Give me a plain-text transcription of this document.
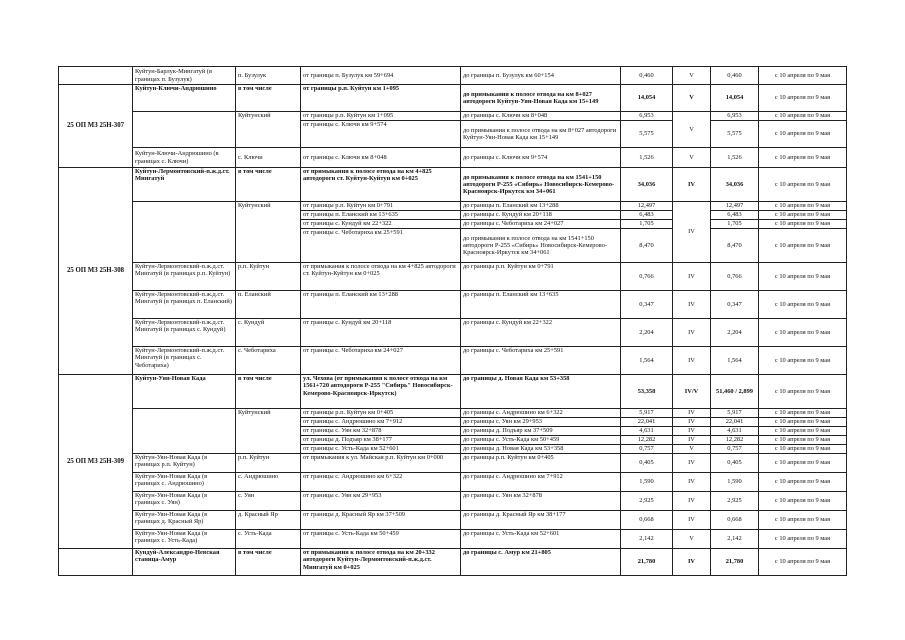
	Куйтун-Барлук-Мингатуй (в границах п. Бузулук)	п. Бузулук	от границы п. Бузулук км 59+694	до границы п. Бузулук км 60+154	0,460	V	0,460	с 10 апреля по 9 мая
25 ОП МЗ 25Н-307	Куйтун-Ключи-Андрюшино	в том числе	от границы р.п. Куйтун км 1+095	до примыкания к полосе отвода на км 8+027 автодороги Куйтун-Уян-Новая Када км 15+149	14,054	V	14,054	с 10 апреля по 9 мая
		Куйтунский	от границы р.п. Куйтун км 1+095	до границы с. Ключи км 8+048	6,953	V	6,953	с 10 апреля по 9 мая
			от границы с. Ключи км 9+574	до примыкания к полосе отвода на км 8+027 автодороги Куйтун-Уян-Новая Када км 15+149	5,575		5,575	с 10 апреля по 9 мая
	Куйтун-Ключи-Андрюшино (в границах с. Ключи)	с. Ключи	от границы с. Ключи км 8+048	до границы с. Ключи км 9+574	1,526	V	1,526	с 10 апреля по 9 мая
25 ОП МЗ 25Н-308	Куйтун-Лермонтовский-п.ж.д.ст. Мингатуй	в том числе	от примыкания к полосе отвода на км 4+825 автодороги ст. Куйтун-Куйтун км 0+025	до примыкания к полосе отвода на км 1541+150 автодороги Р-255 «Сибирь» Новосибирск-Кемерово-Красноярск-Иркутск км 34+061	34,036	IV	34,036	с 10 апреля по 9 мая
		Куйтунский	от границы р.п. Куйтун км 0+791	до границы п. Еланский км 13+288	12,497	IV	12,497	с 10 апреля по 9 мая
			от границы п. Еланский км 13+635	до границы с. Кундуй км 20+118	6,483		6,483	с 10 апреля по 9 мая
			от границы с. Кундуй км 22+322	до границы с. Чеботариха км 24+027	1,705		1,705	с 10 апреля по 9 мая
			от границы с. Чеботариха км 25+591	до примыкания к полосе отвода на км 1541+150 автодороги Р-255 «Сибирь» Новосибирск-Кемерово-Красноярск-Иркутск км 34+061	8,470		8,470	с 10 апреля по 9 мая
	Куйтун-Лермонтовский-п.ж.д.ст. Мингатуй (в границах р.п. Куйтун)	р.п. Куйтун	от примыкания к полосе отвода на км 4+825 автодороги ст. Куйтун-Куйтун км 0+025	до границы р.п. Куйтун км 0+791	0,766	IV	0,766	с 10 апреля по 9 мая
	Куйтун-Лермонтовский-п.ж.д.ст. Мингатуй (в границах п. Еланский)	п. Еланский	от границы п. Еланский км 13+288	до границы п. Еланский км 13+635	0,347	IV	0,347	с 10 апреля по 9 мая
	Куйтун-Лермонтовский-п.ж.д.ст. Мингатуй (в границах с. Кундуй)	с. Кундуй	от границы с. Кундуй км 20+118	до границы с. Кундуй км 22+322	2,204	IV	2,204	с 10 апреля по 9 мая
	Куйтун-Лермонтовский-п.ж.д.ст. Мингатуй (в границах с. Чеботариха)	с. Чеботариха	от границы с. Чеботариха км 24+027	до границы с. Чеботариха км 25+591	1,564	IV	1,564	с 10 апреля по 9 мая
25 ОП МЗ 25Н-309	Куйтун-Уян-Новая Када	в том числе	ул. Чехова (от примыкания к полосе отвода на км 1561+720 автодороги Р-255 "Сибирь" Новосибирск-Кемерово-Красноярск-Иркутск)	до границы д. Новая Када км 53+358	53,358	IV/V	51,460 / 2,899	с 10 апреля по 9 мая
		Куйтунский	от границы р.п. Куйтун км 0+405	до границы с. Андрюшино км 6+322	5,917	IV	5,917	с 10 апреля по 9 мая
			от границы с. Андрюшино км 7+912	до границы с. Уян км 29+953	22,041	IV	22,041	с 10 апреля по 9 мая
			от границы с. Уян км 32+878	до границы д. Подъяр км 37+509	4,631	IV	4,631	с 10 апреля по 9 мая
			от границы д. Подъяр км 38+177	до границы с. Усть-Када км 50+459	12,282	IV	12,282	с 10 апреля по 9 мая
			от границы с. Усть-Када км 52+601	до границы д. Новая Када км 53+358	0,757	V	0,757	с 10 апреля по 9 мая
	Куйтун-Уян-Новая Када (в границах р.п. Куйтун)	р.п. Куйтун	от примыкания к ул. Майская р.п. Куйтун км 0+000	до границы р.п. Куйтун км 0+405	0,405	IV	0,405	с 10 апреля по 9 мая
	Куйтун-Уян-Новая Када (в границах с. Андрюшино)	с. Андрюшино	от границы с. Андрюшино км 6+322	до границы с. Андрюшино км 7+912	1,590	IV	1,590	с 10 апреля по 9 мая
	Куйтун-Уян-Новая Када (в границах с. Уян)	с. Уян	от границы с. Уян км 29+953	до границы с. Уян км 32+878	2,925	IV	2,925	с 10 апреля по 9 мая
	Куйтун-Уян-Новая Када (в границах д. Красный Яр)	д. Красный Яр	от границы д. Красный Яр км 37+509	до границы д. Красный Яр км 38+177	0,668	IV	0,668	с 10 апреля по 9 мая
	Куйтун-Уян-Новая Када (в границах с. Усть-Када)	с. Усть-Када	от границы с. Усть-Када км 50+459	до границы с. Усть-Када км 52+601	2,142	V	2,142	с 10 апреля по 9 мая
	Кундуй-Александро-Невская станица-Амур	в том числе	от примыкания к полосе отвода на км 20+332 автодороги Куйтун-Лермонтовский-п.ж.д.ст. Мингатуй км 0+025	до границы с. Амур км 21+805	21,780	IV	21,780	с 10 апреля по 9 мая
